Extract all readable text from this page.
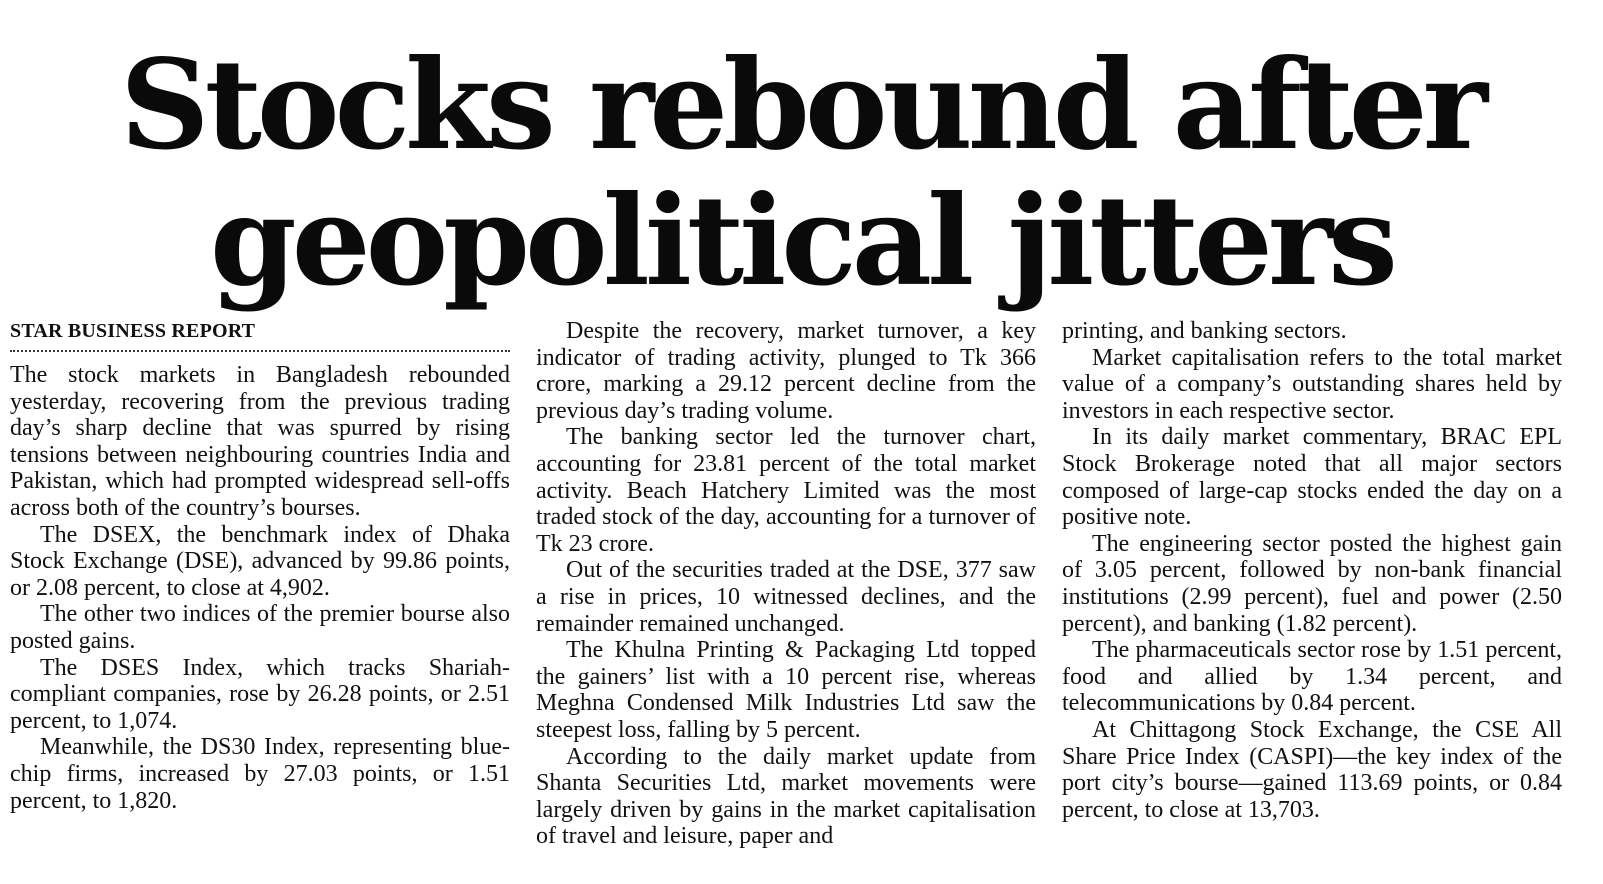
Stocks rebound after
geopolitical jitters
STAR BUSINESS REPORT

The stock markets in Bangladesh rebounded yesterday, recovering from the previous trading day’s sharp decline that was spurred by rising tensions between neighbouring countries India and Pakistan, which had prompted widespread sell-offs across both of the country’s bourses.

The DSEX, the benchmark index of Dhaka Stock Exchange (DSE), advanced by 99.86 points, or 2.08 percent, to close at 4,902.

The other two indices of the premier bourse also posted gains.

The DSES Index, which tracks Shariah-compliant companies, rose by 26.28 points, or 2.51 percent, to 1,074.

Meanwhile, the DS30 Index, representing blue-chip firms, increased by 27.03 points, or 1.51 percent, to 1,820.

Despite the recovery, market turnover, a key indicator of trading activity, plunged to Tk 366 crore, marking a 29.12 percent decline from the previous day’s trading volume.

The banking sector led the turnover chart, accounting for 23.81 percent of the total market activity. Beach Hatchery Limited was the most traded stock of the day, accounting for a turnover of Tk 23 crore.

Out of the securities traded at the DSE, 377 saw a rise in prices, 10 witnessed declines, and the remainder remained unchanged.

The Khulna Printing & Packaging Ltd topped the gainers’ list with a 10 percent rise, whereas Meghna Condensed Milk Industries Ltd saw the steepest loss, falling by 5 percent.

According to the daily market update from Shanta Securities Ltd, market movements were largely driven by gains in the market capitalisation of travel and leisure, paper and

printing, and banking sectors.

Market capitalisation refers to the total market value of a company’s outstanding shares held by investors in each respective sector.

In its daily market commentary, BRAC EPL Stock Brokerage noted that all major sectors composed of large-cap stocks ended the day on a positive note.

The engineering sector posted the highest gain of 3.05 percent, followed by non-bank financial institutions (2.99 percent), fuel and power (2.50 percent), and banking (1.82 percent).

The pharmaceuticals sector rose by 1.51 percent, food and allied by 1.34 percent, and telecommunications by 0.84 percent.

At Chittagong Stock Exchange, the CSE All Share Price Index (CASPI)—the key index of the port city’s bourse—gained 113.69 points, or 0.84 percent, to close at 13,703.
